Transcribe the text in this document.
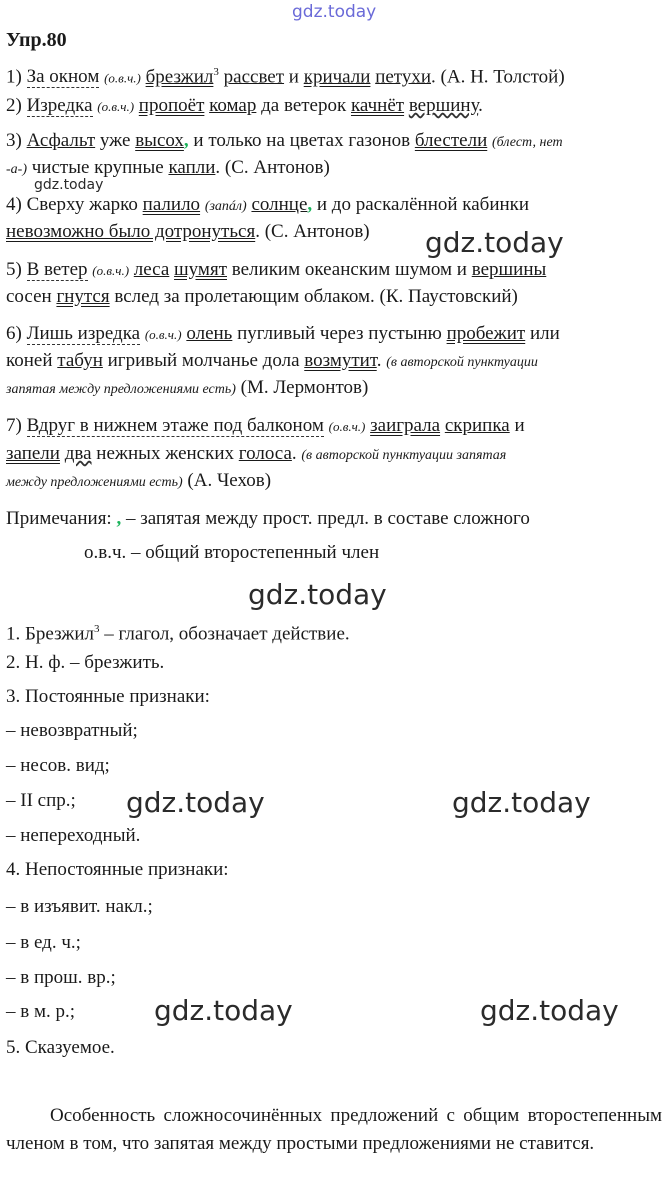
gdz.today
gdz.today
gdz.today
gdz.today
gdz.today	gdz.today
gdz.today	gdz.today
Упр.80
1) За окном (о.в.ч.) брезжил$^3$ рассвет и кричали петухи. (А. Н. Толстой)
2) Изредка (о.в.ч.) пропоёт комар да ветерок качнёт вершину.
3) Асфальт уже высох, и только на цветах газонов блестели (блест, нет
-а-) чистые крупные капли. (С. Антонов)
4) Сверху жарко палило (запáл) солнце, и до раскалённой кабинки
невозможно было дотронуться. (С. Антонов)
5) В ветер (о.в.ч.) леса шумят великим океанским шумом и вершины
сосен гнутся вслед за пролетающим облаком. (К. Паустовский)
6) Лишь изредка (о.в.ч.) олень пугливый через пустыню пробежит или
коней табун игривый молчанье дола возмутит. (в авторской пунктуации
запятая между предложениями есть) (М. Лермонтов)
7) Вдруг в нижнем этаже под балконом (о.в.ч.) заиграла скрипка и
запели два нежных женских голоса. (в авторской пунктуации запятая
между предложениями есть) (А. Чехов)
Примечания: , – запятая между прост. предл. в составе сложного
о.в.ч. – общий второстепенный член
1. Брезжил$^3$ – глагол, обозначает действие.
2. Н. ф. – брезжить.
3. Постоянные признаки:
– невозвратный;
– несов. вид;
– II спр.;
– непереходный.
4. Непостоянные признаки:
– в изъявит. накл.;
– в ед. ч.;
– в прош. вр.;
– в м. р.;
5. Сказуемое.
Особенность сложносочинённых предложений с общим второстепенным членом в том, что запятая между простыми предложениями не ставится.
